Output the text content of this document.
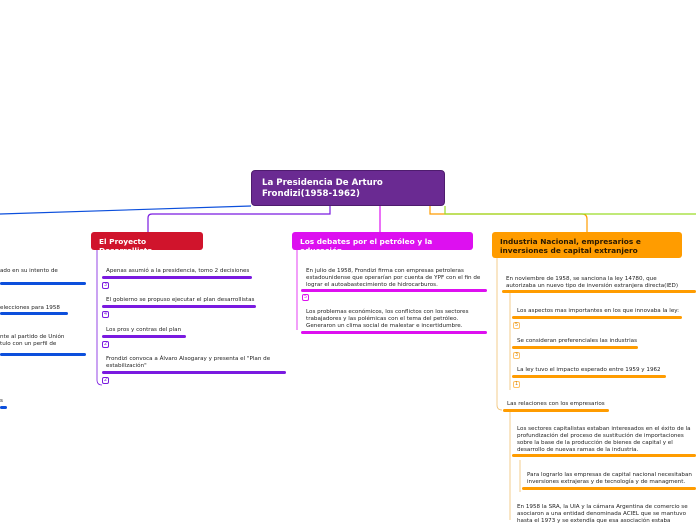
La Presidencia De Arturo Frondizi(1958-1962)
ado en su intento de
elecciones para 1958
nte al partido de Unión
tulo con un perfil de
s
El Proyecto Desarrollista
Apenas asumió a la presidencia, tomo 2 decisiones
3
El gobierno se propuso ejecutar el plan desarrollistas
4
Los pros y contras del plan
2
Frondizi convoca a Álvaro Alsogaray y presenta el "Plan de estabilización"
2
Los debates por el petróleo y la educación
En julio de 1958, Frondizi firma con empresas petroleras estadounidense que operarían por cuenta de YPF con el fin de lograr el autoabastecimiento de hidrocarburos.
5
Los problemas económicos, los conflictos con los sectores trabajadores y las polémicas con el tema del petróleo. Generaron un clima social de malestar e incertidumbre.
Industria Nacional, empresarios e inversiones de capital extranjero
En noviembre de 1958, se sanciona la ley 14780, que autorizaba un nuevo tipo de inversión extranjera directa(IED)
Los aspectos mas importantes en los que innovaba la ley:
5
Se consideran preferenciales las industrias
3
La ley tuvo el impacto esperado entre 1959 y 1962
1
Las relaciones con los empresarios
Los sectores capitalistas estaban interesados en el éxito de la profundización del proceso de sustitución de importaciones sobre la base de la producción de bienes de capital y el desarrollo de nuevas ramas de la industria.
Para lograrlo las empresas de capital nacional necesitaban inversiones extrajeras y de tecnología y de managment.
En 1958 la SRA, la UIA y la cámara Argentina de comercio se asociaron a una entidad denominada ACIEL que se mantuvo hasta el 1973 y se extendía que esa asociación estaba
